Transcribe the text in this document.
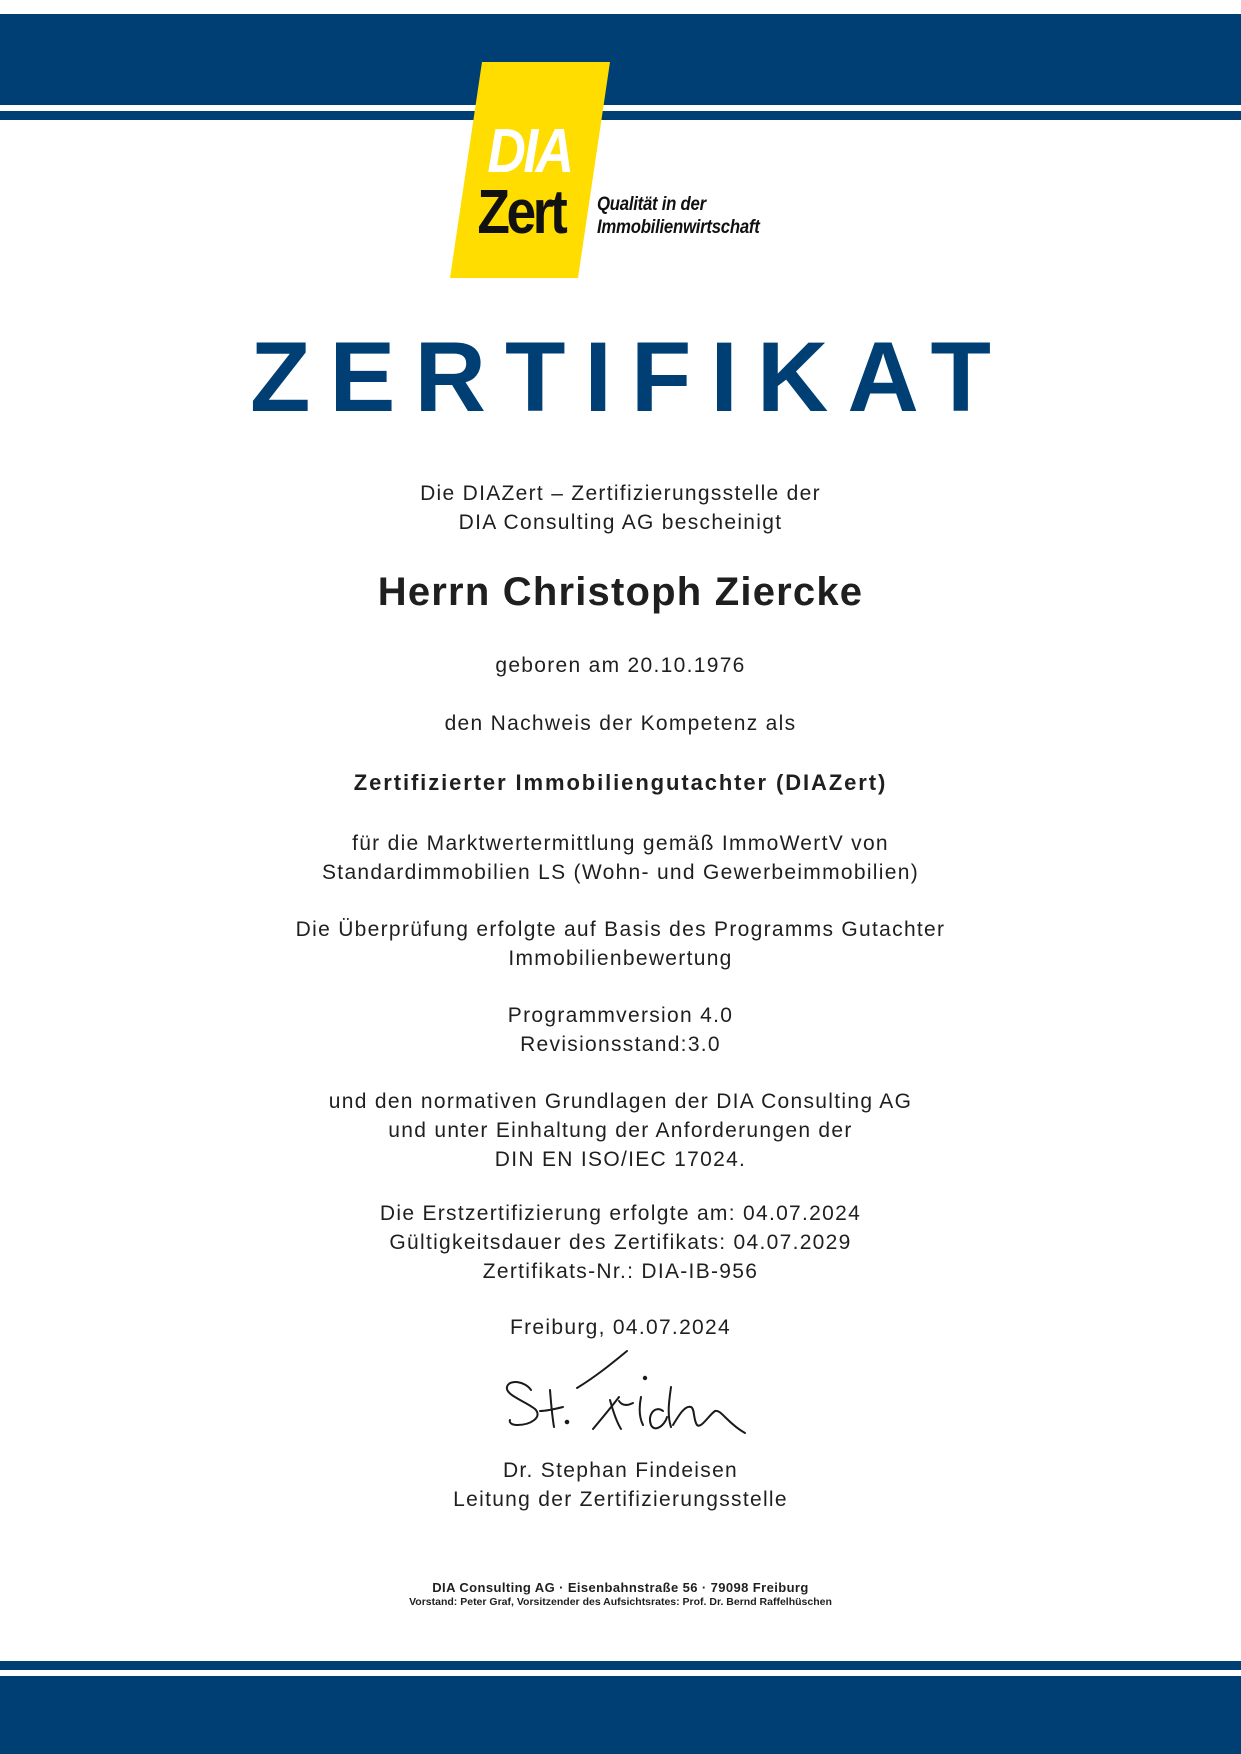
DIA
Zert Qualität in der
Immobilienwirtschaft
ZERTIFIKAT
Die DIAZert – Zertifizierungsstelle der
DIA Consulting AG bescheinigt
Herrn Christoph Ziercke
geboren am 20.10.1976
den Nachweis der Kompetenz als
Zertifizierter Immobiliengutachter (DIAZert)
für die Marktwertermittlung gemäß ImmoWertV von
Standardimmobilien LS (Wohn- und Gewerbeimmobilien)
Die Überprüfung erfolgte auf Basis des Programms Gutachter
Immobilienbewertung
Programmversion 4.0
Revisionsstand:3.0
und den normativen Grundlagen der DIA Consulting AG
und unter Einhaltung der Anforderungen der
DIN EN ISO/IEC 17024.
Die Erstzertifizierung erfolgte am: 04.07.2024
Gültigkeitsdauer des Zertifikats: 04.07.2029
Zertifikats-Nr.: DIA-IB-956
Freiburg, 04.07.2024
Dr. Stephan Findeisen
Leitung der Zertifizierungsstelle
DIA Consulting AG · Eisenbahnstraße 56 · 79098 Freiburg
Vorstand: Peter Graf, Vorsitzender des Aufsichtsrates: Prof. Dr. Bernd Raffelhüschen
